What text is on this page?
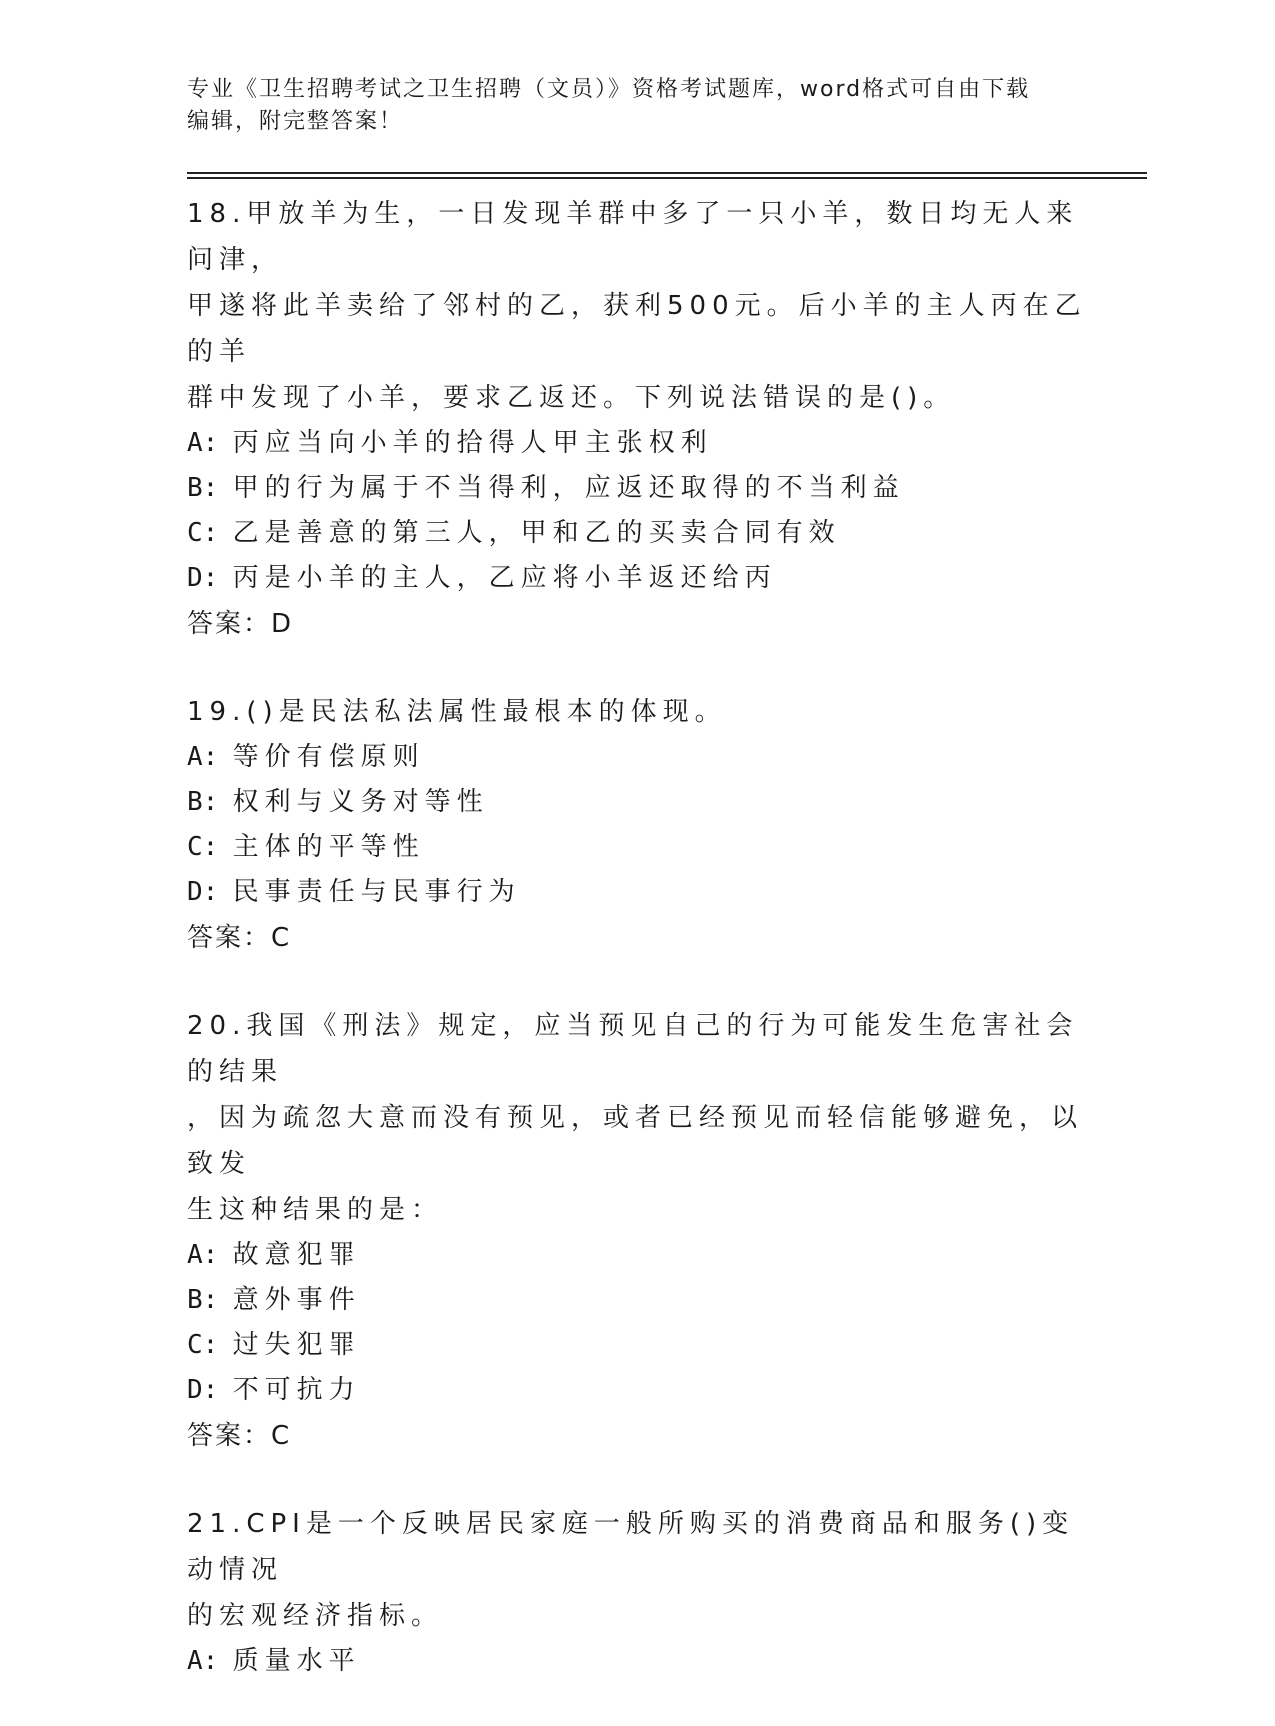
专业《卫生招聘考试之卫生招聘（文员）》资格考试题库，word格式可自由下载
编辑，附完整答案！

18.甲放羊为生，一日发现羊群中多了一只小羊，数日均无人来问津，

甲遂将此羊卖给了邻村的乙，获利500元。后小羊的主人丙在乙的羊

群中发现了小羊，要求乙返还。下列说法错误的是()。

A: 丙应当向小羊的拾得人甲主张权利

B: 甲的行为属于不当得利，应返还取得的不当利益

C: 乙是善意的第三人，甲和乙的买卖合同有效

D: 丙是小羊的主人，乙应将小羊返还给丙

答案：D

19.()是民法私法属性最根本的体现。

A: 等价有偿原则

B: 权利与义务对等性

C: 主体的平等性

D: 民事责任与民事行为

答案：C

20.我国《刑法》规定，应当预见自己的行为可能发生危害社会的结果

，因为疏忽大意而没有预见，或者已经预见而轻信能够避免，以致发

生这种结果的是：

A: 故意犯罪

B: 意外事件

C: 过失犯罪

D: 不可抗力

答案：C

21.CPI是一个反映居民家庭一般所购买的消费商品和服务()变动情况

的宏观经济指标。

A: 质量水平
